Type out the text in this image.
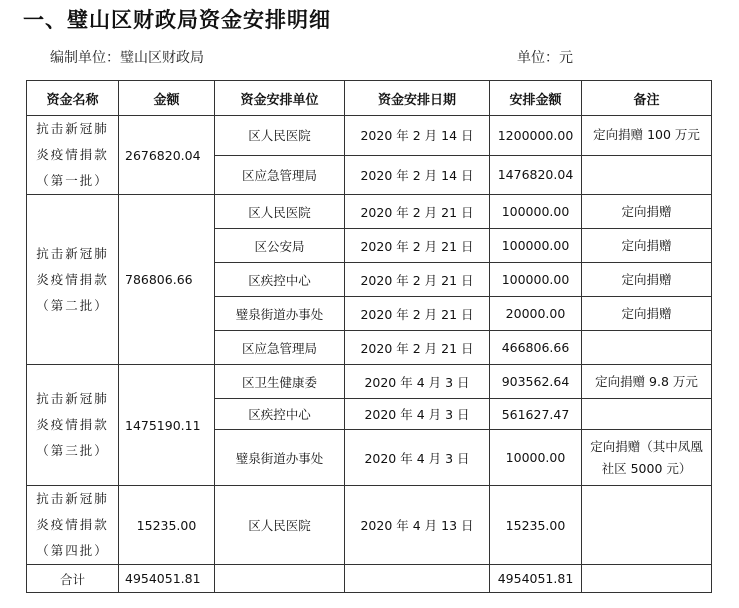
一、璧山区财政局资金安排明细
编制单位：璧山区财政局	单位：元
资金名称	金额	资金安排单位	资金安排日期	安排金额	备注
抗击新冠肺炎疫情捐款（第一批）	2676820.04	区人民医院	2020 年 2 月 14 日	1200000.00	定向捐赠 100 万元
		区应急管理局	2020 年 2 月 14 日	1476820.04	
抗击新冠肺炎疫情捐款（第二批）	786806.66	区人民医院	2020 年 2 月 21 日	100000.00	定向捐赠
		区公安局	2020 年 2 月 21 日	100000.00	定向捐赠
		区疾控中心	2020 年 2 月 21 日	100000.00	定向捐赠
		璧泉街道办事处	2020 年 2 月 21 日	20000.00	定向捐赠
		区应急管理局	2020 年 2 月 21 日	466806.66	
抗击新冠肺炎疫情捐款（第三批）	1475190.11	区卫生健康委	2020 年 4 月 3 日	903562.64	定向捐赠 9.8 万元
		区疾控中心	2020 年 4 月 3 日	561627.47	
		璧泉街道办事处	2020 年 4 月 3 日	10000.00	定向捐赠（其中凤凰社区 5000 元）
抗击新冠肺炎疫情捐款（第四批）	15235.00	区人民医院	2020 年 4 月 13 日	15235.00	
合计	4954051.81			4954051.81	
